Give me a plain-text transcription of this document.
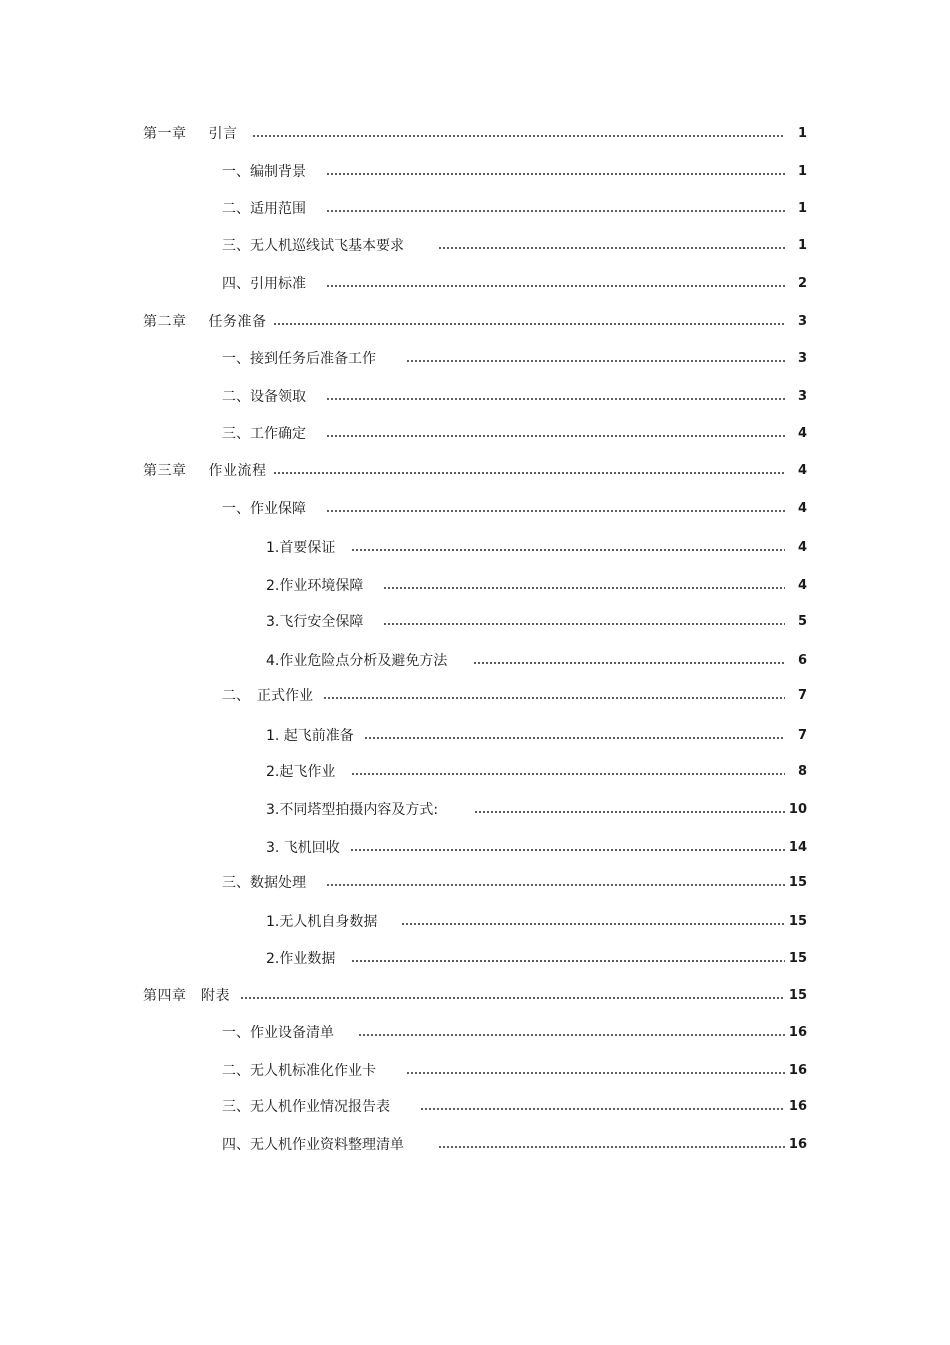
第一章　 引言	1
一、编制背景	1
二、适用范围	1
三、无人机巡线试飞基本要求	1
四、引用标准	2
第二章　 任务准备	3
一、接到任务后准备工作	3
二、设备领取	3
三、工作确定	4
第三章　 作业流程	4
一、作业保障	4
1.首要保证	4
2.作业环境保障	4
3.飞行安全保障	5
4.作业危险点分析及避免方法	6
二、　正式作业	7
1. 起飞前准备	7
2.起飞作业	8
3.不同塔型拍摄内容及方式:	10
3. 飞机回收	14
三、数据处理	15
1.无人机自身数据	15
2.作业数据	15
第四章　附表	15
一、作业设备清单	16
二、无人机标准化作业卡	16
三、无人机作业情况报告表	16
四、无人机作业资料整理清单	16
